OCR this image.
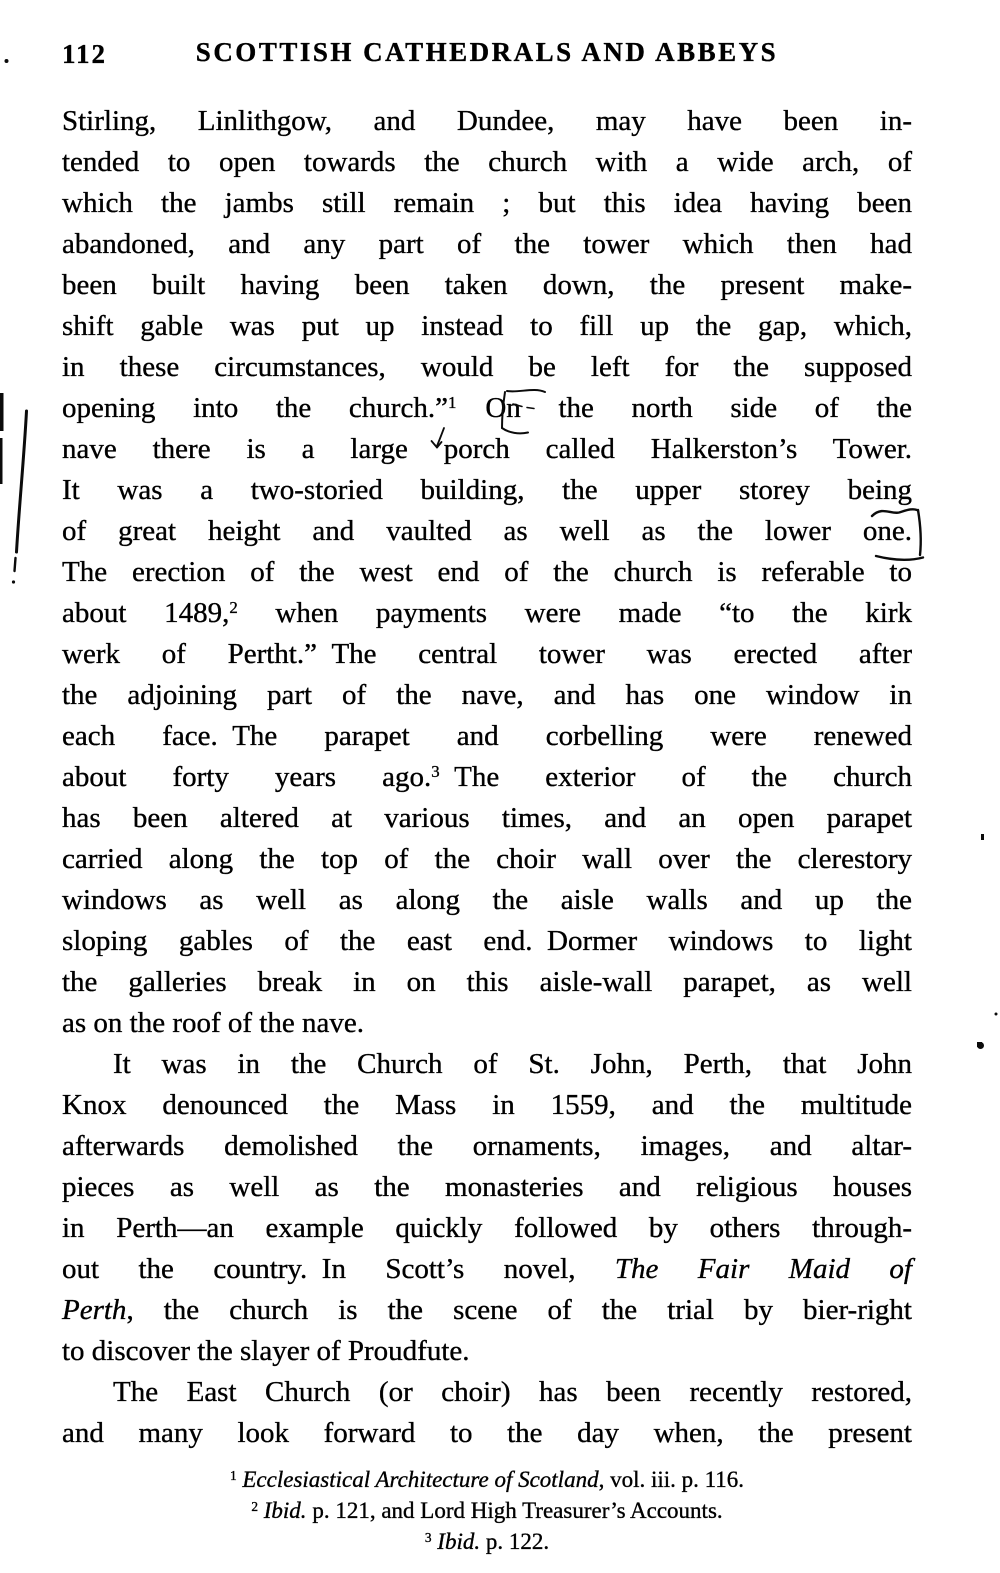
112	SCOTTISH CATHEDRALS AND ABBEYS
Stirling, Linlithgow, and Dundee, may have been in-
tended to open towards the church with a wide arch, of
which the jambs still remain ; but this idea having been
abandoned, and any part of the tower which then had
been built having been taken down, the present make-
shift gable was put up instead to fill up the gap, which,
in these circumstances, would be left for the supposed
opening into the church.”$^1$  On the north side of the
nave there is a large porch called Halkerston’s Tower.
It was a two-storied building, the upper storey being
of great height and vaulted as well as the lower one.
The erection of the west end of the church is referable to
about 1489,$^2$ when payments were made “to the kirk
werk of Pertht.” The central tower was erected after
the adjoining part of the nave, and has one window in
each face. The parapet and corbelling were renewed
about forty years ago.$^3$ The exterior of the church
has been altered at various times, and an open parapet
carried along the top of the choir wall over the clerestory
windows as well as along the aisle walls and up the
sloping gables of the east end. Dormer windows to light
the galleries break in on this aisle-wall parapet, as well
as on the roof of the nave.
It was in the Church of St. John, Perth, that John
Knox denounced the Mass in 1559, and the multitude
afterwards demolished the ornaments, images, and altar-
pieces as well as the monasteries and religious houses
in Perth—an example quickly followed by others through-
out the country. In Scott’s novel, The Fair Maid of
Perth, the church is the scene of the trial by bier-right
to discover the slayer of Proudfute.
The East Church (or choir) has been recently restored,
and many look forward to the day when, the present
$^1$ Ecclesiastical Architecture of Scotland, vol. iii. p. 116.
$^2$ Ibid. p. 121, and Lord High Treasurer’s Accounts.
$^3$ Ibid. p. 122.
